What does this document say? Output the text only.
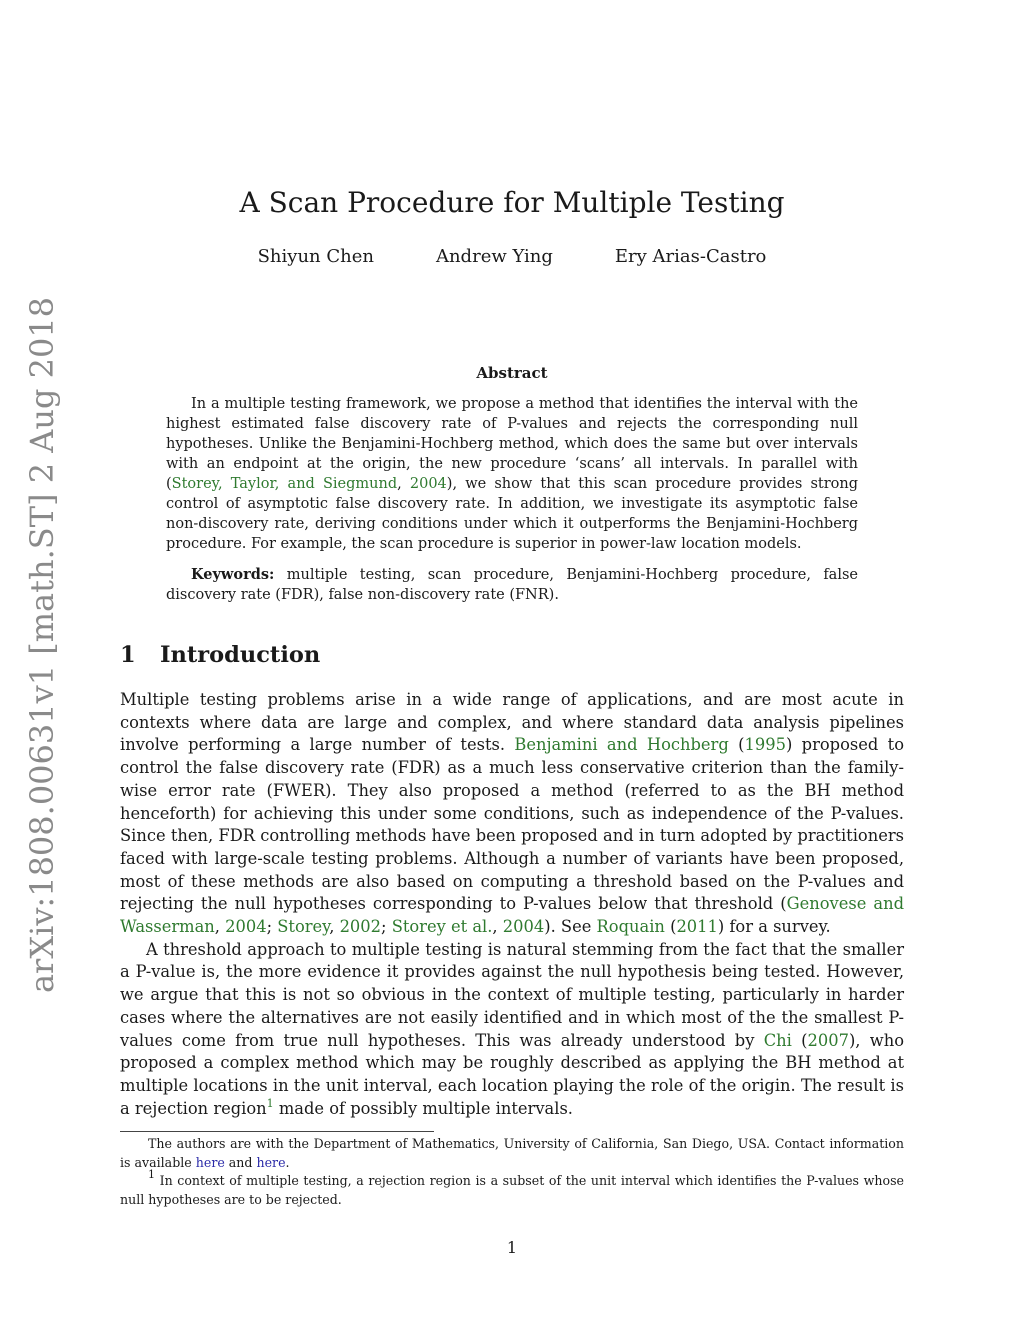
arXiv:1808.00631v1 [math.ST] 2 Aug 2018
A Scan Procedure for Multiple Testing
Shiyun Chen	Andrew Ying	Ery Arias-Castro
Abstract

In a multiple testing framework, we propose a method that identifies the interval with the highest estimated false discovery rate of P-values and rejects the corresponding null hypotheses. Unlike the Benjamini-Hochberg method, which does the same but over intervals with an endpoint at the origin, the new procedure ‘scans’ all intervals. In parallel with (Storey, Taylor, and Siegmund, 2004), we show that this scan procedure provides strong control of asymptotic false discovery rate. In addition, we investigate its asymptotic false non-discovery rate, deriving conditions under which it outperforms the Benjamini-Hochberg procedure. For example, the scan procedure is superior in power-law location models.

Keywords: multiple testing, scan procedure, Benjamini-Hochberg procedure, false discovery rate (FDR), false non-discovery rate (FNR).

1 Introduction

Multiple testing problems arise in a wide range of applications, and are most acute in contexts where data are large and complex, and where standard data analysis pipelines involve performing a large number of tests. Benjamini and Hochberg (1995) proposed to control the false discovery rate (FDR) as a much less conservative criterion than the family-wise error rate (FWER). They also proposed a method (referred to as the BH method henceforth) for achieving this under some conditions, such as independence of the P-values. Since then, FDR controlling methods have been proposed and in turn adopted by practitioners faced with large-scale testing problems. Although a number of variants have been proposed, most of these methods are also based on computing a threshold based on the P-values and rejecting the null hypotheses corresponding to P-values below that threshold (Genovese and Wasserman, 2004; Storey, 2002; Storey et al., 2004). See Roquain (2011) for a survey.

A threshold approach to multiple testing is natural stemming from the fact that the smaller a P-value is, the more evidence it provides against the null hypothesis being tested. However, we argue that this is not so obvious in the context of multiple testing, particularly in harder cases where the alternatives are not easily identified and in which most of the the smallest P-values come from true null hypotheses. This was already understood by Chi (2007), who proposed a complex method which may be roughly described as applying the BH method at multiple locations in the unit interval, each location playing the role of the origin. The result is a rejection region$^1$ made of possibly multiple intervals.

The authors are with the Department of Mathematics, University of California, San Diego, USA. Contact information is available here and here.

1 In context of multiple testing, a rejection region is a subset of the unit interval which identifies the P-values whose null hypotheses are to be rejected.

1
